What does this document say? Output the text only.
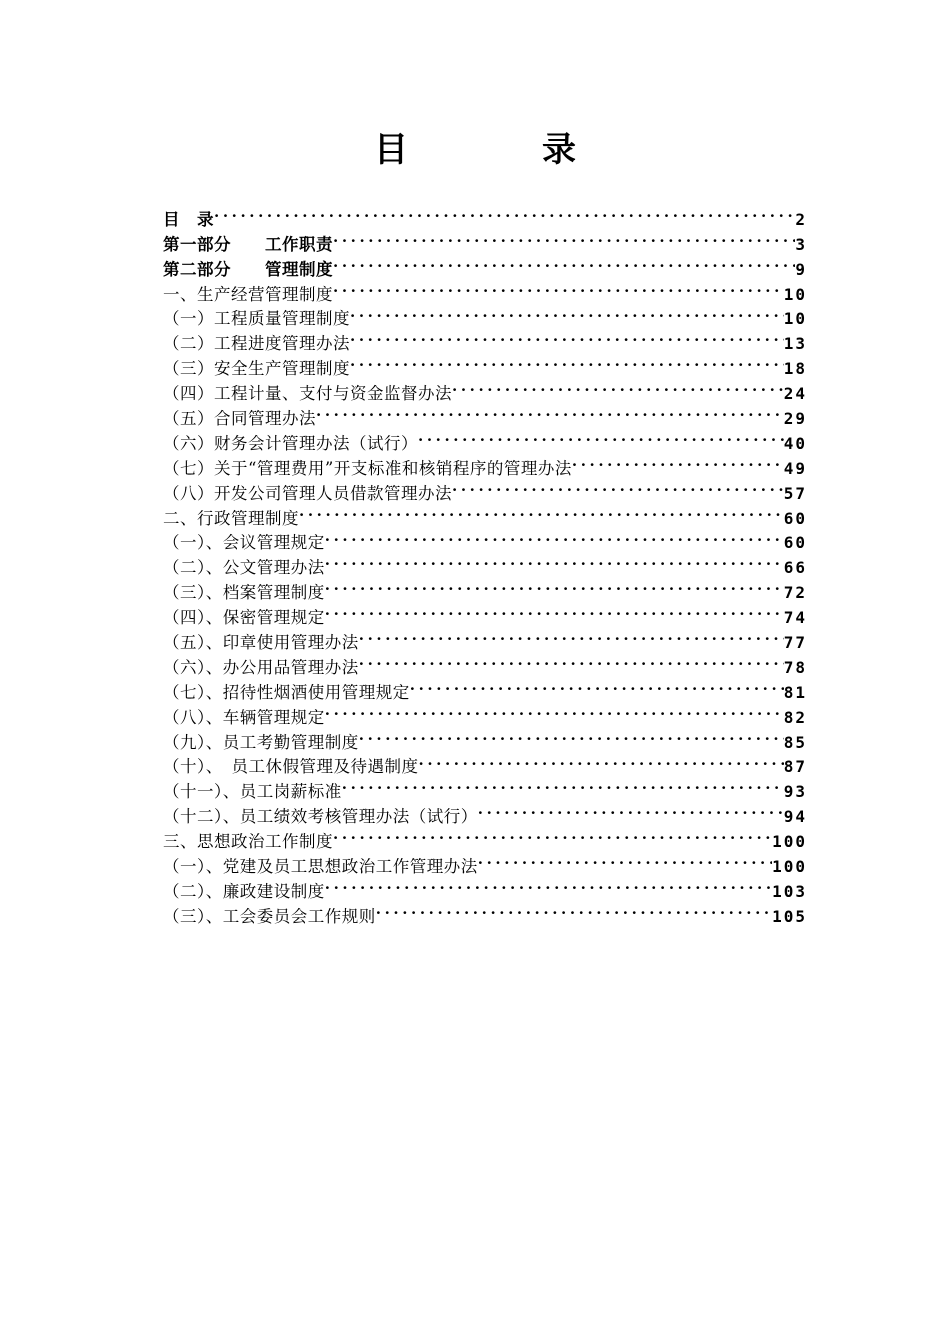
目　录
目　录 .....	2
第一部分　　工作职责 .....	3
第二部分　　管理制度 .....	9
一、生产经营管理制度 .....	10
（一）工程质量管理制度 .....	10
（二）工程进度管理办法 .....	13
（三）安全生产管理制度 .....	18
（四）工程计量、支付与资金监督办法 .....	24
（五）合同管理办法 .....	29
（六）财务会计管理办法（试行） .....	40
（七）关于“管理费用”开支标准和核销程序的管理办法 .....	49
（八）开发公司管理人员借款管理办法 .....	57
二、行政管理制度 .....	60
（一）、会议管理规定 .....	60
（二）、公文管理办法 .....	66
（三）、档案管理制度 .....	72
（四）、保密管理规定 .....	74
（五）、印章使用管理办法 .....	77
（六）、办公用品管理办法 .....	78
（七）、招待性烟酒使用管理规定 .....	81
（八）、车辆管理规定 .....	82
（九）、员工考勤管理制度 .....	85
（十）、　员工休假管理及待遇制度 .....	87
（十一）、员工岗薪标准 .....	93
（十二）、员工绩效考核管理办法（试行） .....	94
三、思想政治工作制度 .....	100
（一）、党建及员工思想政治工作管理办法 .....	100
（二）、廉政建设制度 .....	103
（三）、工会委员会工作规则 .....	105
